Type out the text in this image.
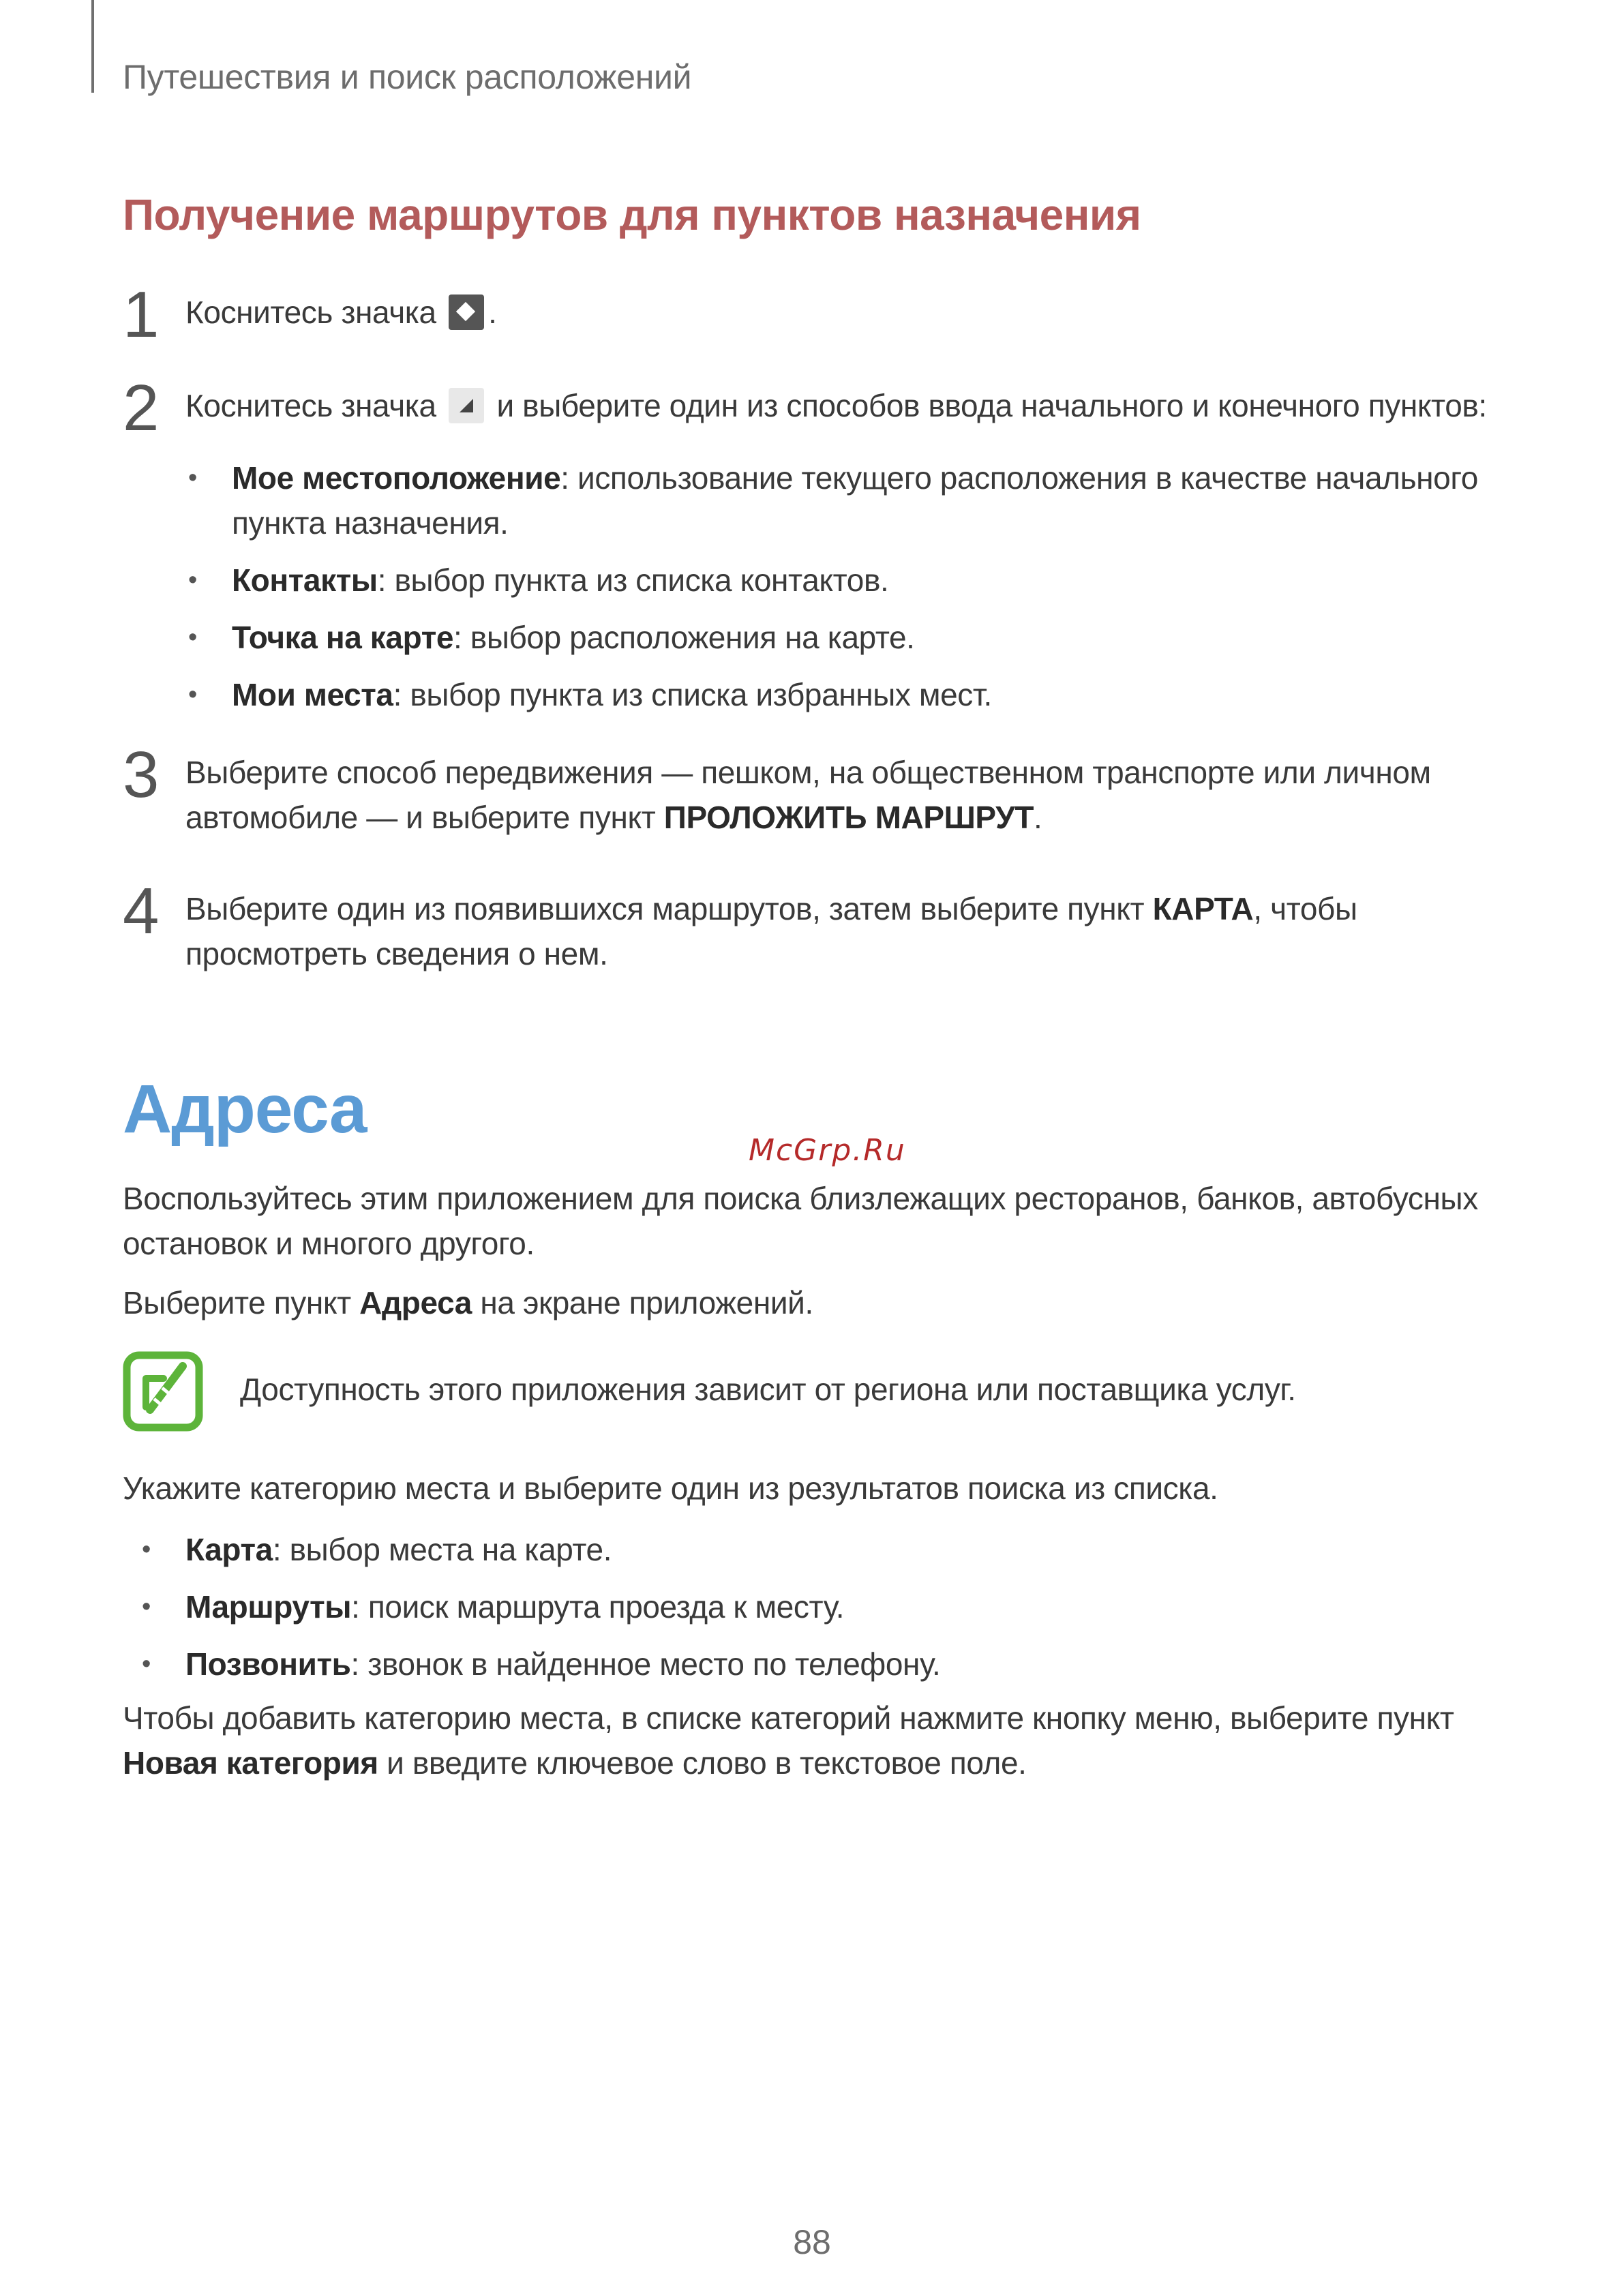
Путешествия и поиск расположений
Получение маршрутов для пунктов назначения
1 Коснитесь значка .
2 Коснитесь значка и выберите один из способов ввода начального и конечного пунктов:
• Мое местоположение: использование текущего расположения в качестве начального пункта назначения.
• Контакты: выбор пункта из списка контактов.
• Точка на карте: выбор расположения на карте.
• Мои места: выбор пункта из списка избранных мест.
3 Выберите способ передвижения — пешком, на общественном транспорте или личном автомобиле — и выберите пункт ПРОЛОЖИТЬ МАРШРУТ.
4 Выберите один из появившихся маршрутов, затем выберите пункт КАРТА, чтобы просмотреть сведения о нем.
Адреса
McGrp.Ru
Воспользуйтесь этим приложением для поиска близлежащих ресторанов, банков, автобусных остановок и многого другого.
Выберите пункт Адреса на экране приложений.
Доступность этого приложения зависит от региона или поставщика услуг.
Укажите категорию места и выберите один из результатов поиска из списка.
• Карта: выбор места на карте.
• Маршруты: поиск маршрута проезда к месту.
• Позвонить: звонок в найденное место по телефону.
Чтобы добавить категорию места, в списке категорий нажмите кнопку меню, выберите пункт Новая категория и введите ключевое слово в текстовое поле.
88
